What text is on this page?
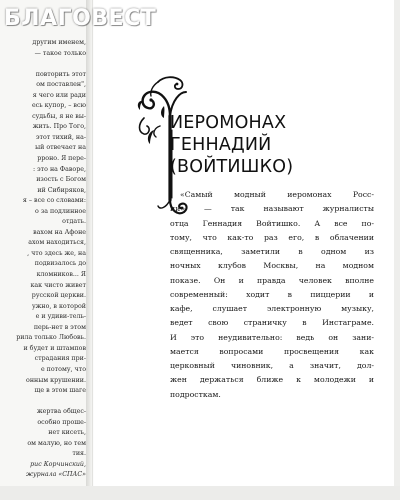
другим именем,
— такое только

повторить этот
ом поставлен",
я чего или ради
есь купор, – всю
судьбы, я не вы-
жить. Про Того,
этот тихий, на-
ый отвечает на
рроно. Я пере-
: это на Фаворе,
изость с Богом
ий Сибиряков,
я – все со словами:
о за подлинное
отдать.
вахом на Афоне
ахом находиться,
, что здесь же, на
подвизалось до
кломников... Я
как чисто живет
русской церкви.
ужно, в которой
е и удиви-тель-
перь-нет в этом
рила только Любовь.
и будет и штампов
страдания при-
е потому, что
онным крушении.
ще в этом шаге

жертва общес-
особно проше-
нет кисеть,
ом малую, но тем
тия.
рис Корчинский,
журнала «СПАС»
БЛАГОВЕСТ
ИЕРОМОНАХ
ГЕННАДИЙ
(ВОЙТИШКО)
«Самый модный иеромонах Росс-
ии» — так называют журналисты
отца Геннадия Войтишко. А все по-
тому, что как-то раз его, в облачении
священника, заметили в одном из
ночных клубов Москвы, на модном
показе. Он и правда человек вполне
современный: ходит в пиццерии и
кафе, слушает электронную музыку,
ведет свою страничку в Инстаграме.
И это неудивительно: ведь он зани-
мается вопросами просвещения как
церковный чиновник, а значит, дол-
жен держаться ближе к молодежи и
подросткам.
